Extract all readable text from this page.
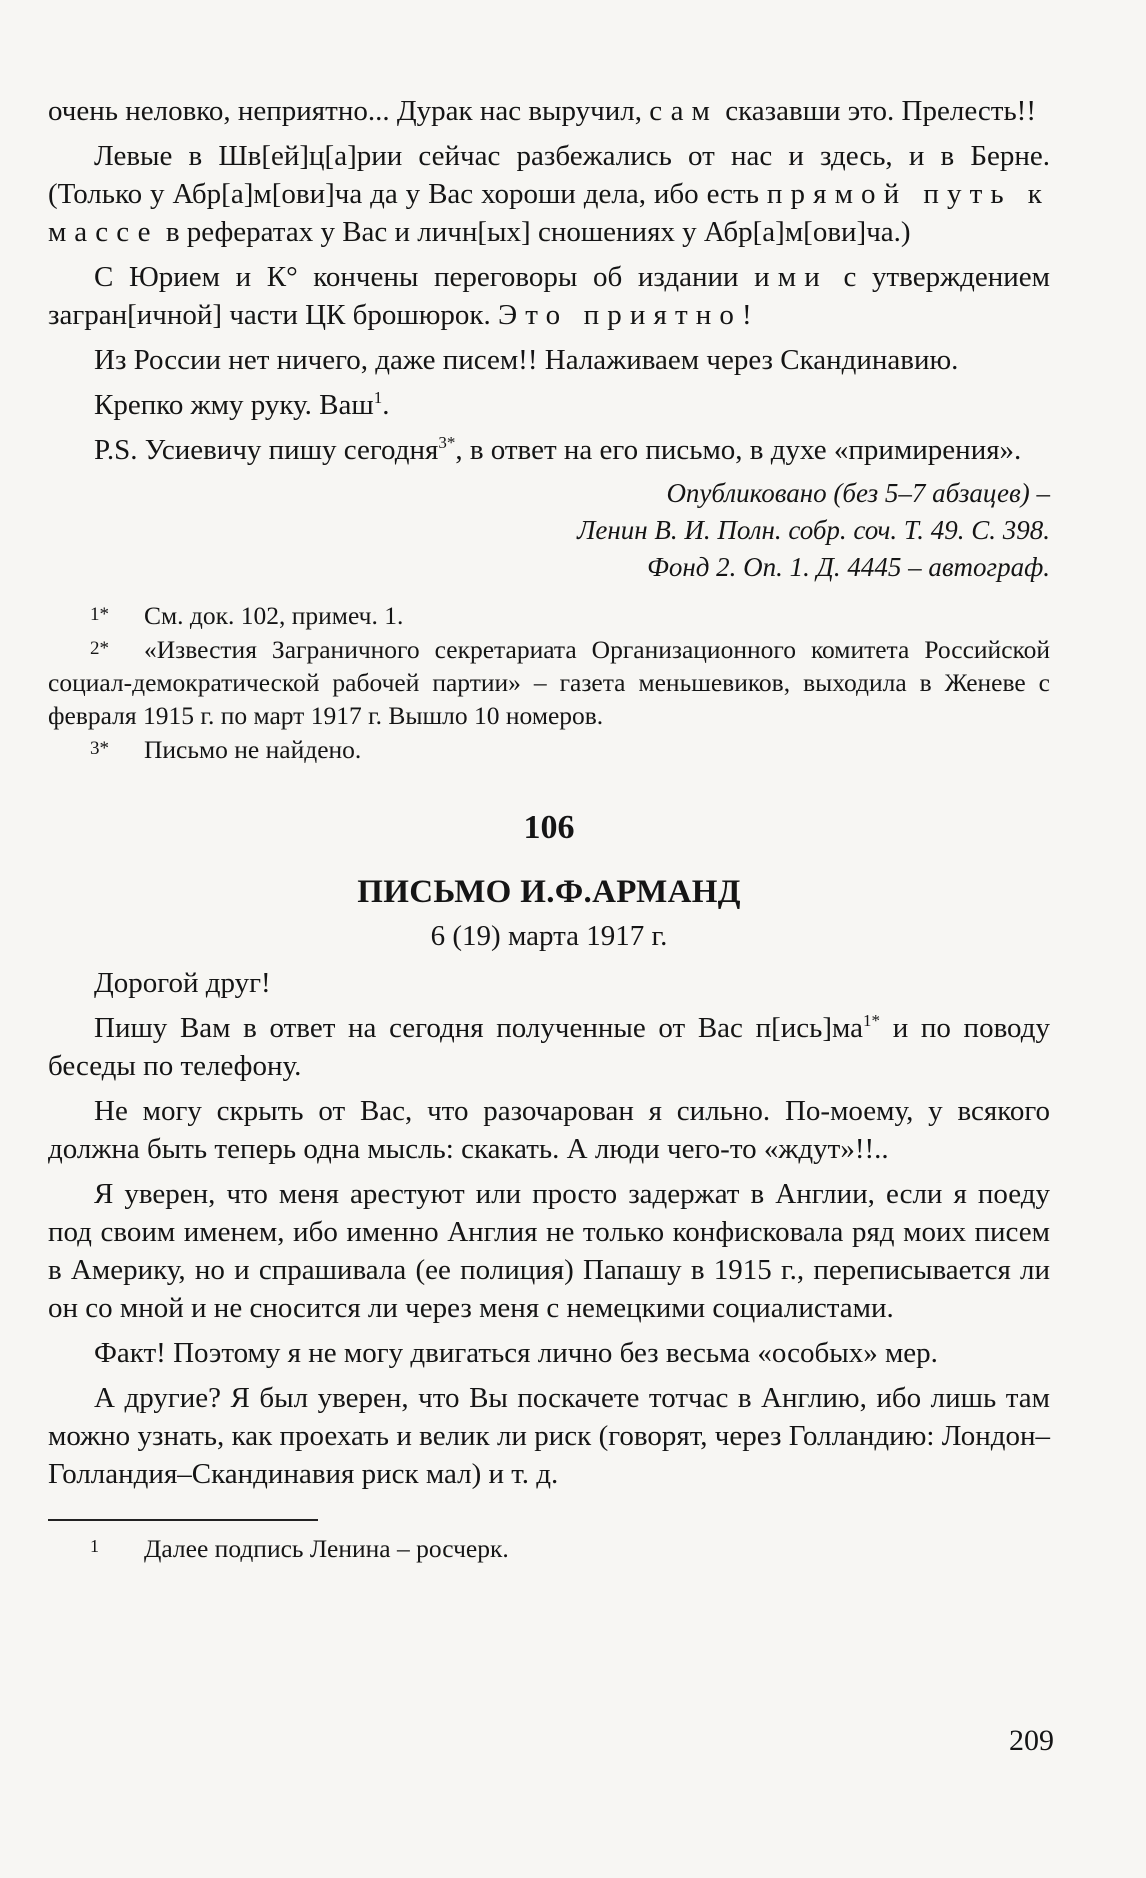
очень неловко, неприятно... Дурак нас выручил, сам сказавши это. Прелесть!!

Левые в Шв[ей]ц[а]рии сейчас разбежались от нас и здесь, и в Берне. (Только у Абр[а]м[ови]ча да у Вас хороши дела, ибо есть прямой путь к массе в рефератах у Вас и личн[ых] сношениях у Абр[а]м[ови]ча.)

С Юрием и К° кончены переговоры об издании ими с утверждением загран[ичной] части ЦК брошюрок. Это приятно!

Из России нет ничего, даже писем!! Налаживаем через Скандинавию.

Крепко жму руку. Ваш$^1$.

P.S. Усиевичу пишу сегодня$^{3*}$, в ответ на его письмо, в духе «примирения».

Опубликовано (без 5–7 абзацев) –

Ленин В. И. Полн. собр. соч. Т. 49. С. 398.

Фонд 2. Оп. 1. Д. 4445 – автограф.

1* См. док. 102, примеч. 1.

2* «Известия Заграничного секретариата Организационного комитета Российской социал-демократической рабочей партии» – газета меньшевиков, выходила в Женеве с февраля 1915 г. по март 1917 г. Вышло 10 номеров.

3* Письмо не найдено.

106

ПИСЬМО И.Ф.АРМАНД

6 (19) марта 1917 г.

Дорогой друг!

Пишу Вам в ответ на сегодня полученные от Вас $п[ись]ма^{1*}$ и по поводу беседы по телефону.

Не могу скрыть от Вас, что разочарован я сильно. По-моему, у всякого должна быть теперь одна мысль: скакать. А люди чего-то «ждут»!!..

Я уверен, что меня арестуют или просто задержат в Англии, если я поеду под своим именем, ибо именно Англия не только конфисковала ряд моих писем в Америку, но и спрашивала (ее полиция) Папашу в 1915 г., переписывается ли он со мной и не сносится ли через меня с немецкими социалистами.

Факт! Поэтому я не могу двигаться лично без весьма «особых» мер.

А другие? Я был уверен, что Вы поскачете тотчас в Англию, ибо лишь там можно узнать, как проехать и велик ли риск (говорят, через Голландию: Лондон–Голландия–Скандинавия риск мал) и т. д.

1 Далее подпись Ленина – росчерк.

209
